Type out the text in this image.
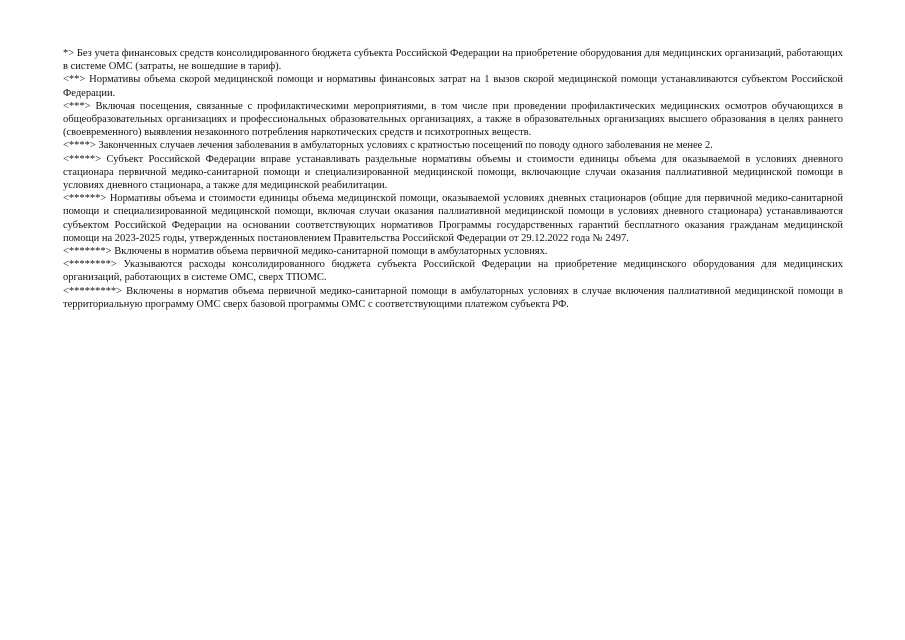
*> Без учета финансовых средств консолидированного бюджета субъекта Российской Федерации на приобретение оборудования для медицинских организаций, работающих в системе ОМС (затраты, не вошедшие в тариф).

<**> Нормативы объема скорой медицинской помощи и нормативы финансовых затрат на 1 вызов скорой медицинской помощи устанавливаются субъектом Российской Федерации.

<***> Включая посещения, связанные с профилактическими мероприятиями, в том числе при проведении профилактических медицинских осмотров обучающихся в общеобразовательных организациях и профессиональных образовательных организациях, а также в образовательных организациях высшего образования в целях раннего (своевременного) выявления незаконного потребления наркотических средств и психотропных веществ.

<****> Законченных случаев лечения заболевания в амбулаторных условиях с кратностью посещений по поводу одного заболевания не менее 2.

<*****> Субъект Российской Федерации вправе устанавливать раздельные нормативы объемы и стоимости единицы объема для оказываемой в условиях дневного стационара первичной медико-санитарной помощи и специализированной медицинской помощи, включающие случаи оказания паллиативной медицинской помощи в условиях дневного стационара, а также для медицинской реабилитации.

<******> Нормативы объема и стоимости единицы объема медицинской помощи, оказываемой условиях дневных стационаров (общие для первичной медико-санитарной помощи и специализированной медицинской помощи, включая случаи оказания паллиативной медицинской помощи в условиях дневного стационара) устанавливаются субъектом Российской Федерации на основании соответствующих нормативов Программы государственных гарантий бесплатного оказания гражданам медицинской помощи на 2023-2025 годы, утвержденных постановлением Правительства Российской Федерации от 29.12.2022 года № 2497.

<*******> Включены в норматив объема первичной медико-санитарной помощи в амбулаторных условиях.

<********> Указываются расходы консолидированного бюджета субъекта Российской Федерации на приобретение медицинского оборудования для медицинских организаций, работающих в системе ОМС, сверх ТПОМС.

<*********> Включены в норматив объема первичной медико-санитарной помощи в амбулаторных условиях в случае включения паллиативной медицинской помощи в территориальную программу ОМС сверх базовой программы ОМС с соответствующими платежом субъекта РФ.
